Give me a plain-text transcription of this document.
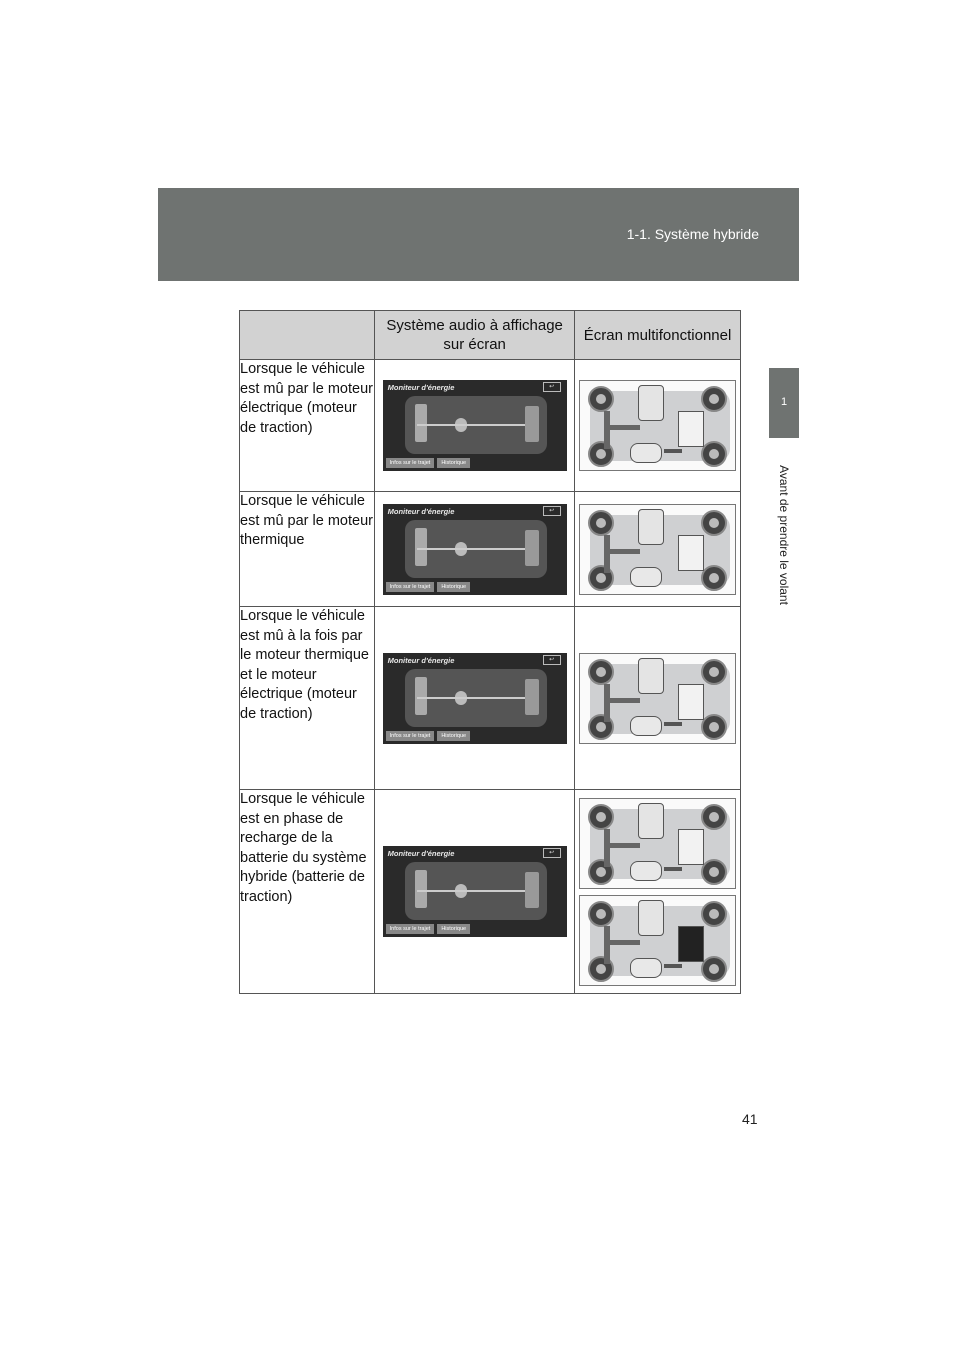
1-1. Système hybride
1
Avant de prendre le volant
	Système audio à affichage sur écran	Écran multifonctionnel
Lorsque le véhicule est mû par le moteur électrique (moteur de traction)	Moniteur d'énergie ↩
Infos sur le trajet Historique	

Lorsque le véhicule est mû par le moteur thermique	Moniteur d'énergie ↩
Infos sur le trajet Historique	

Lorsque le véhicule est mû à la fois par le moteur thermique et le moteur électrique (moteur de traction)	Moniteur d'énergie ↩
Infos sur le trajet Historique	

Lorsque le véhicule est en phase de recharge de la batterie du système hybride (batterie de traction)	Moniteur d'énergie ↩
Infos sur le trajet Historique	

41
